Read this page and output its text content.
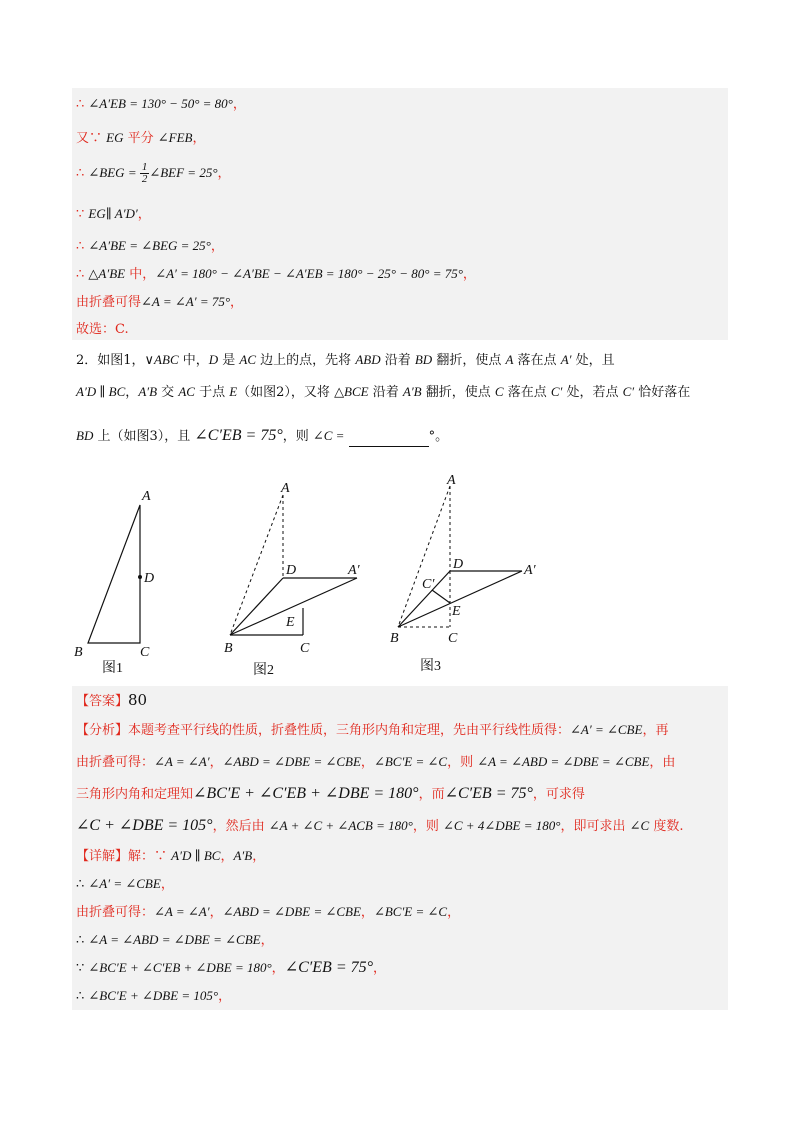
∴ ∠A′EB = 130° − 50° = 80°，
又∵ EG 平分 ∠FEB，
∴ ∠BEG = $\frac{1}{2}$ ∠BEF = 25°，
∵ EG∥ A′D′，
∴ ∠A′BE = ∠BEG = 25°，
∴ △A′BE 中，∠A′ = 180° − ∠A′BE − ∠A′EB = 180° − 25° − 80° = 75°，
由折叠可得∠A = ∠A′ = 75°，
故选：C.
2．如图1，∨ABC 中，D 是 AC 边上的点，先将 ABD 沿着 BD 翻折，使点 A 落在点 A′ 处，且
A′D ∥ BC，A′B 交 AC 于点 E（如图2），又将 △BCE 沿着 A′B 翻折，使点 C 落在点 C′ 处，若点 C′ 恰好落在
BD 上（如图3），且 ∠C′EB = 75°，则 ∠C =	°。
A
D
B	C
图1
A
D	A′
E
B	C
图2
A
D	A′
C′
E
B	C
图3
【答案】80
【分析】本题考查平行线的性质，折叠性质，三角形内角和定理，先由平行线性质得：∠A′ = ∠CBE，再
由折叠可得：∠A = ∠A′，∠ABD = ∠DBE = ∠CBE，∠BC′E = ∠C，则 ∠A = ∠ABD = ∠DBE = ∠CBE，由
三角形内角和定理知∠BC′E + ∠C′EB + ∠DBE = 180°，而∠C′EB = 75°，可求得
∠C + ∠DBE = 105°，然后由 ∠A + ∠C + ∠ACB = 180°，则 ∠C + 4∠DBE = 180°，即可求出 ∠C 度数.
【详解】解：∵ A′D ∥ BC，A′B，
∴ ∠A′ = ∠CBE，
由折叠可得：∠A = ∠A′，∠ABD = ∠DBE = ∠CBE，∠BC′E = ∠C，
∴ ∠A = ∠ABD = ∠DBE = ∠CBE，
∵ ∠BC′E + ∠C′EB + ∠DBE = 180°，∠C′EB = 75°，
∴ ∠BC′E + ∠DBE = 105°，
